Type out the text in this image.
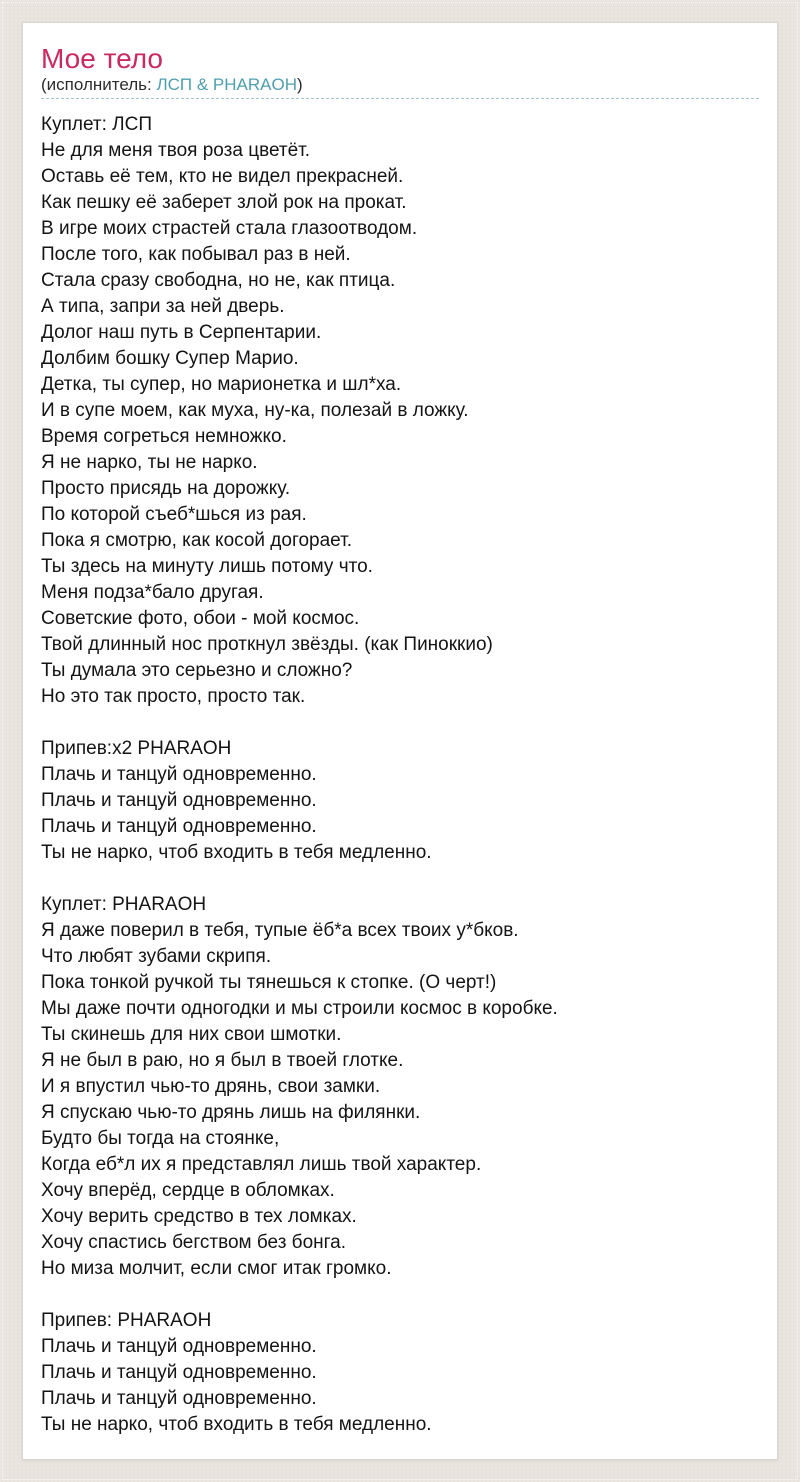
Мое тело
(исполнитель: ЛСП & PHARAOH)

Куплет: ЛСП
Не для меня твоя роза цветёт.
Оставь её тем, кто не видел прекрасней.
Как пешку её заберет злой рок на прокат.
В игре моих страстей стала глазоотводом.
После того, как побывал раз в ней.
Стала сразу свободна, но не, как птица.
А типа, запри за ней дверь.
Долог наш путь в Серпентарии.
Долбим бошку Супер Марио.
Детка, ты супер, но марионетка и шл*ха.
И в супе моем, как муха, ну-ка, полезай в ложку.
Время согреться немножко.
Я не нарко, ты не нарко.
Просто присядь на дорожку.
По которой съеб*шься из рая.
Пока я смотрю, как косой догорает.
Ты здесь на минуту лишь потому что.
Меня подза*бало другая.
Советские фото, обои - мой космос.
Твой длинный нос проткнул звёзды. (как Пиноккио)
Ты думала это серьезно и сложно?
Но это так просто, просто так.

Припев:х2 PHARAOH
Плачь и танцуй одновременно.
Плачь и танцуй одновременно.
Плачь и танцуй одновременно.
Ты не нарко, чтоб входить в тебя медленно.

Куплет: PHARAOH
Я даже поверил в тебя, тупые ёб*а всех твоих у*бков.
Что любят зубами скрипя.
Пока тонкой ручкой ты тянешься к стопке. (О черт!)
Мы даже почти одногодки и мы строили космос в коробке.
Ты скинешь для них свои шмотки.
Я не был в раю, но я был в твоей глотке.
И я впустил чью-то дрянь, свои замки.
Я спускаю чью-то дрянь лишь на филянки.
Будто бы тогда на стоянке,
Когда еб*л их я представлял лишь твой характер.
Хочу вперёд, сердце в обломках.
Хочу верить средство в тех ломках.
Хочу спастись бегством без бонга.
Но миза молчит, если смог итак громко.

Припев: PHARAOH
Плачь и танцуй одновременно.
Плачь и танцуй одновременно.
Плачь и танцуй одновременно.
Ты не нарко, чтоб входить в тебя медленно.
